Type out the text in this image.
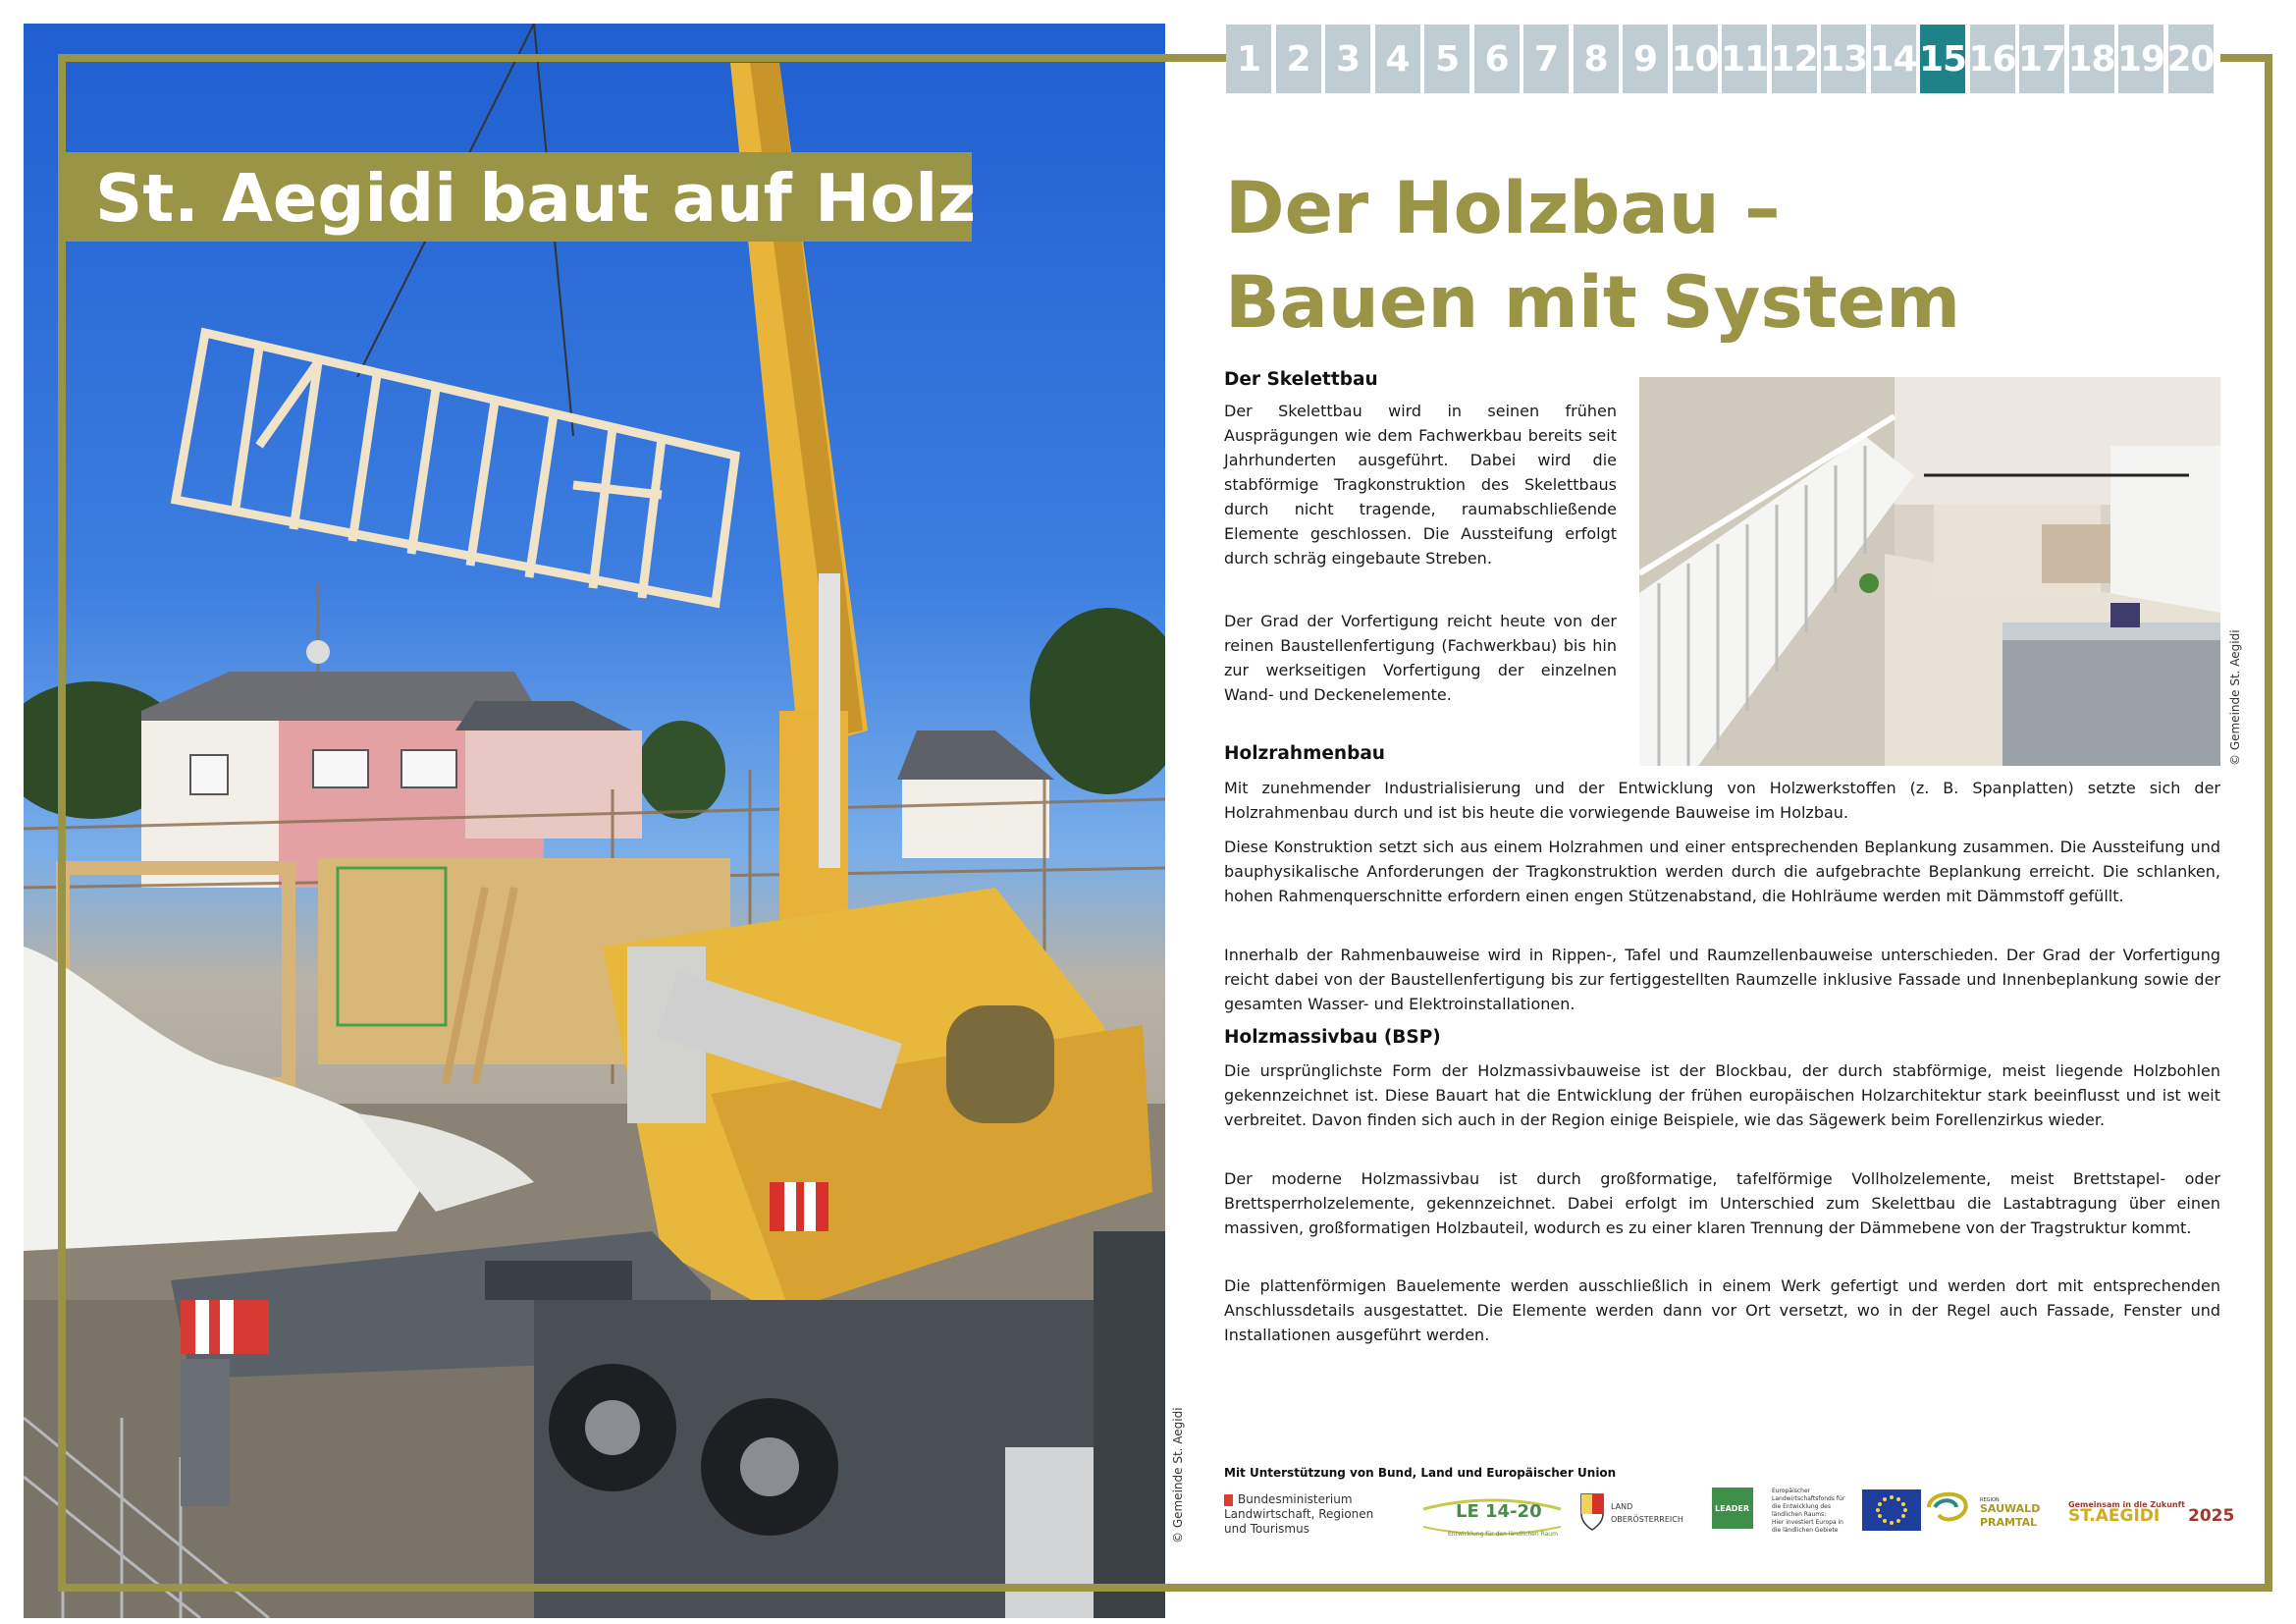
St. Aegidi baut auf Holz
© Gemeinde St. Aegidi
1 2 3 4 5 6 7 8 9 10 11 12 13 14 15 16 17 18 19 20
Der Holzbau –
Bauen mit System
Der Skelettbau

Der Skelettbau wird in seinen frühen Ausprägungen wie dem Fachwerkbau bereits seit Jahrhunderten ausgeführt. Dabei wird die stabförmige Tragkonstruktion des Skelettbaus durch nicht tragende, raumabschließende Elemente geschlossen. Die Aussteifung erfolgt durch schräg eingebaute Streben.

Der Grad der Vorfertigung reicht heute von der reinen Baustellenfertigung (Fachwerkbau) bis hin zur werkseitigen Vorfertigung der einzelnen Wand- und Deckenelemente.	© Gemeinde St. Aegidi
Holzrahmenbau

Mit zunehmender Industrialisierung und der Entwicklung von Holzwerkstoffen (z. B. Spanplatten) setzte sich der Holzrahmenbau durch und ist bis heute die vorwiegende Bauweise im Holzbau.

Diese Konstruktion setzt sich aus einem Holzrahmen und einer entsprechenden Beplankung zusammen. Die Aussteifung und bauphysikalische Anforderungen der Tragkonstruktion werden durch die aufgebrachte Beplankung erreicht. Die schlanken, hohen Rahmenquerschnitte erfordern einen engen Stützenabstand, die Hohlräume werden mit Dämmstoff gefüllt.

Innerhalb der Rahmenbauweise wird in Rippen-, Tafel und Raumzellenbauweise unterschieden. Der Grad der Vorfertigung reicht dabei von der Baustellenfertigung bis zur fertiggestellten Raumzelle inklusive Fassade und Innenbeplankung sowie der gesamten Wasser- und Elektroinstallationen.

Holzmassivbau (BSP)

Die ursprünglichste Form der Holzmassivbauweise ist der Blockbau, der durch stabförmige, meist liegende Holzbohlen gekennzeichnet ist. Diese Bauart hat die Entwicklung der frühen europäischen Holzarchitektur stark beeinflusst und ist weit verbreitet. Davon finden sich auch in der Region einige Beispiele, wie das Sägewerk beim Forellenzirkus wieder.

Der moderne Holzmassivbau ist durch großformatige, tafelförmige Vollholzelemente, meist Brettstapel- oder Brettsperrholzelemente, gekennzeichnet. Dabei erfolgt im Unterschied zum Skelettbau die Lastabtragung über einen massiven, großformatigen Holzbauteil, wodurch es zu einer klaren Trennung der Dämmebene von der Tragstruktur kommt.

Die plattenförmigen Bauelemente werden ausschließlich in einem Werk gefertigt und werden dort mit entsprechenden Anschlussdetails ausgestattet. Die Elemente werden dann vor Ort versetzt, wo in der Regel auch Fassade, Fenster und Installationen ausgeführt werden.

Mit Unterstützung von Bund, Land und Europäischer Union
Bundesministerium
Landwirtschaft, Regionen
und Tourismus
LE 14-20
Entwicklung für den ländlichen Raum
LAND
OBERÖSTERREICH
LEADER
Europäischer
Landwirtschaftsfonds für
die Entwicklung des
ländlichen Raums:
Hier investiert Europa in
die ländlichen Gebiete
REGION
SAUWALD
PRAMTAL
Gemeinsam in die Zukunft
ST.AEGIDI 2025
